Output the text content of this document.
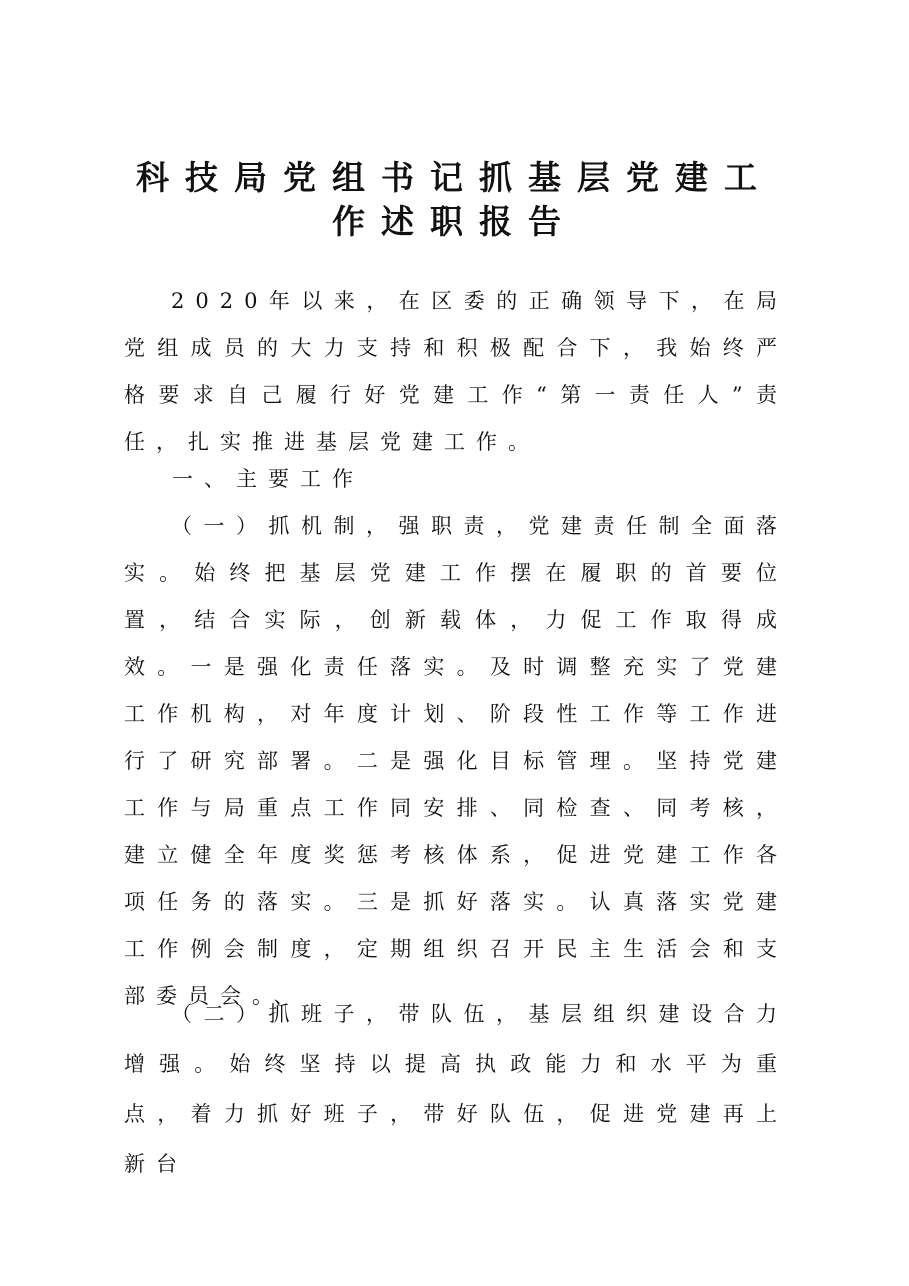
科技局党组书记抓基层党建工
作述职报告

2020年以来，在区委的正确领导下，在局党组成员的大力支持和积极配合下，我始终严格要求自己履行好党建工作“第一责任人”责任，扎实推进基层党建工作。

一、主要工作

（一）抓机制，强职责，党建责任制全面落实。始终把基层党建工作摆在履职的首要位置，结合实际，创新载体，力促工作取得成效。一是强化责任落实。及时调整充实了党建工作机构，对年度计划、阶段性工作等工作进行了研究部署。二是强化目标管理。坚持党建工作与局重点工作同安排、同检查、同考核，建立健全年度奖惩考核体系，促进党建工作各项任务的落实。三是抓好落实。认真落实党建工作例会制度，定期组织召开民主生活会和支部委员会。、

（二）抓班子，带队伍，基层组织建设合力增强。始终坚持以提高执政能力和水平为重点，着力抓好班子，带好队伍，促进党建再上新台
